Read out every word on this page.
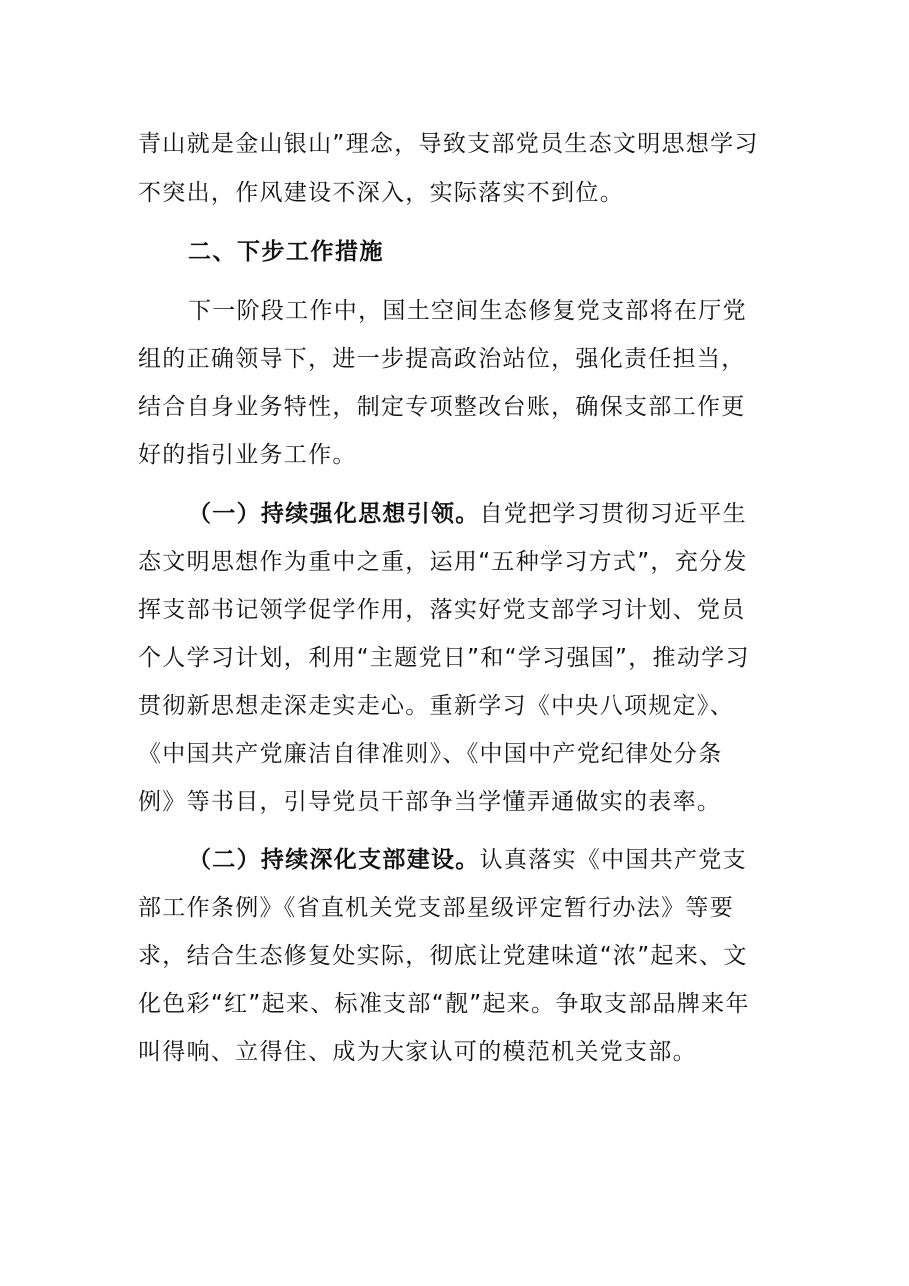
青山就是金山银山”理念，导致支部党员生态文明思想学习
不突出，作风建设不深入，实际落实不到位。
二、下步工作措施
下一阶段工作中，国土空间生态修复党支部将在厅党
组的正确领导下，进一步提高政治站位，强化责任担当，
结合自身业务特性，制定专项整改台账，确保支部工作更
好的指引业务工作。
（一）持续强化思想引领。自党把学习贯彻习近平生
态文明思想作为重中之重，运用“五种学习方式”，充分发
挥支部书记领学促学作用，落实好党支部学习计划、党员
个人学习计划，利用“主题党日”和“学习强国”，推动学习
贯彻新思想走深走实走心。重新学习《中央八项规定》、
《中国共产党廉洁自律准则》、《中国中产党纪律处分条
例》等书目，引导党员干部争当学懂弄通做实的表率。
（二）持续深化支部建设。认真落实《中国共产党支
部工作条例》《省直机关党支部星级评定暂行办法》等要
求，结合生态修复处实际，彻底让党建味道“浓”起来、文
化色彩“红”起来、标准支部“靓”起来。争取支部品牌来年
叫得响、立得住、成为大家认可的模范机关党支部。
